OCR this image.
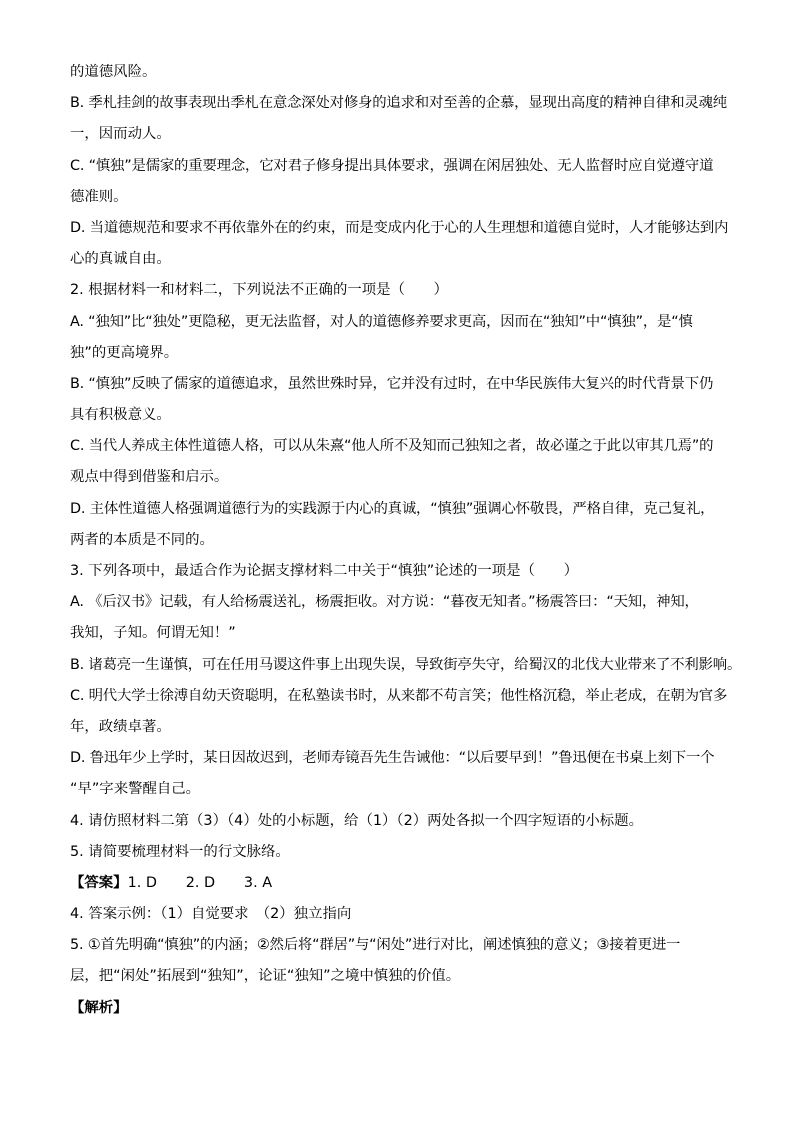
的道德风险。
B. 季札挂剑的故事表现出季札在意念深处对修身的追求和对至善的企慕，显现出高度的精神自律和灵魂纯
一，因而动人。
C. “慎独”是儒家的重要理念，它对君子修身提出具体要求，强调在闲居独处、无人监督时应自觉遵守道
德准则。
D. 当道德规范和要求不再依靠外在的约束，而是变成内化于心的人生理想和道德自觉时，人才能够达到内
心的真诚自由。
2. 根据材料一和材料二，下列说法不正确的一项是（　　）
A. “独知”比“独处”更隐秘，更无法监督，对人的道德修养要求更高，因而在“独知”中“慎独”，是“慎
独”的更高境界。
B. “慎独”反映了儒家的道德追求，虽然世殊时异，它并没有过时，在中华民族伟大复兴的时代背景下仍
具有积极意义。
C. 当代人养成主体性道德人格，可以从朱熹“他人所不及知而己独知之者，故必谨之于此以审其几焉”的
观点中得到借鉴和启示。
D. 主体性道德人格强调道德行为的实践源于内心的真诚，“慎独”强调心怀敬畏，严格自律，克己复礼，
两者的本质是不同的。
3. 下列各项中，最适合作为论据支撑材料二中关于“慎独”论述的一项是（　　）
A. 《后汉书》记载，有人给杨震送礼，杨震拒收。对方说：“暮夜无知者。”杨震答曰：“天知，神知，
我知，子知。何谓无知！”
B. 诸葛亮一生谨慎，可在任用马谡这件事上出现失误，导致街亭失守，给蜀汉的北伐大业带来了不利影响。
C. 明代大学士徐溥自幼天资聪明，在私塾读书时，从来都不苟言笑；他性格沉稳，举止老成，在朝为官多
年，政绩卓著。
D. 鲁迅年少上学时，某日因故迟到，老师寿镜吾先生告诫他：“以后要早到！”鲁迅便在书桌上刻下一个
“早”字来警醒自己。
4. 请仿照材料二第（3）（4）处的小标题，给（1）（2）两处各拟一个四字短语的小标题。
5. 请简要梳理材料一的行文脉络。
【答案】1. D　　2. D　　3. A
4. 答案示例：（1）自觉要求　（2）独立指向
5. ①首先明确“慎独”的内涵；②然后将“群居”与“闲处”进行对比，阐述慎独的意义；③接着更进一
层，把“闲处”拓展到“独知”，论证“独知”之境中慎独的价值。
【解析】
